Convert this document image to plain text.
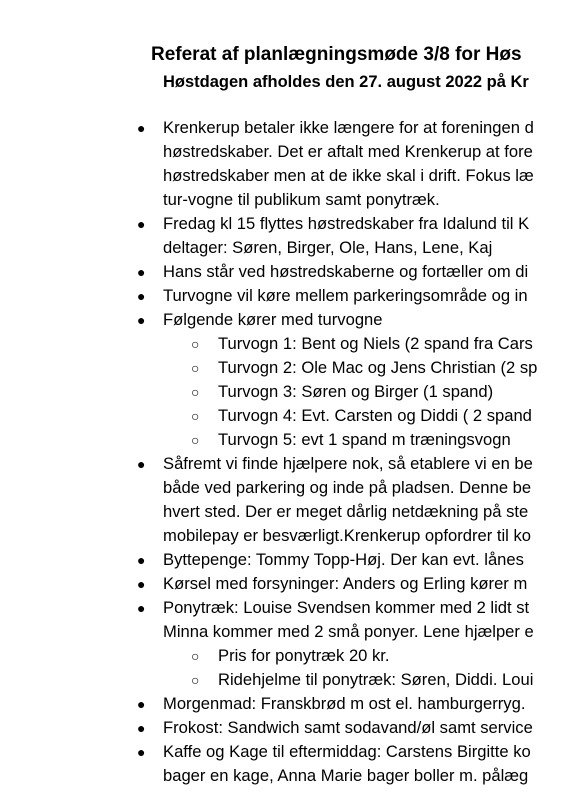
Referat af planlægningsmøde 3/8 for Høs
Høstdagen afholdes den 27. august 2022 på Kr
●	Krenkerup betaler ikke længere for at foreningen d
høstredskaber. Det er aftalt med Krenkerup at fore
høstredskaber men at de ikke skal i drift. Fokus læ
tur-vogne til publikum samt ponytræk.
●	Fredag kl 15 flyttes høstredskaber fra Idalund til K
deltager: Søren, Birger, Ole, Hans, Lene, Kaj
●	Hans står ved høstredskaberne og fortæller om di
●	Turvogne vil køre mellem parkeringsområde og in
●	Følgende kører med turvogne
○	Turvogn 1: Bent og Niels (2 spand fra Cars
○	Turvogn 2: Ole Mac og Jens Christian (2 sp
○	Turvogn 3: Søren og Birger (1 spand)
○	Turvogn 4: Evt. Carsten og Diddi ( 2 spand
○	Turvogn 5: evt 1 spand m træningsvogn
●	Såfremt vi finde hjælpere nok, så etablere vi en be
både ved parkering og inde på pladsen. Denne be
hvert sted. Der er meget dårlig netdækning på ste
mobilepay er besværligt.Krenkerup opfordrer til ko
●	Byttepenge: Tommy Topp-Høj. Der kan evt. lånes
●	Kørsel med forsyninger: Anders og Erling kører m
●	Ponytræk: Louise Svendsen kommer med 2 lidt st
Minna kommer med 2 små ponyer. Lene hjælper e
○	Pris for ponytræk 20 kr.
○	Ridehjelme til ponytræk: Søren, Diddi. Loui
●	Morgenmad: Franskbrød m ost el. hamburgerryg.
●	Frokost: Sandwich samt sodavand/øl samt service
●	Kaffe og Kage til eftermiddag: Carstens Birgitte ko
bager en kage, Anna Marie bager boller m. pålæg
